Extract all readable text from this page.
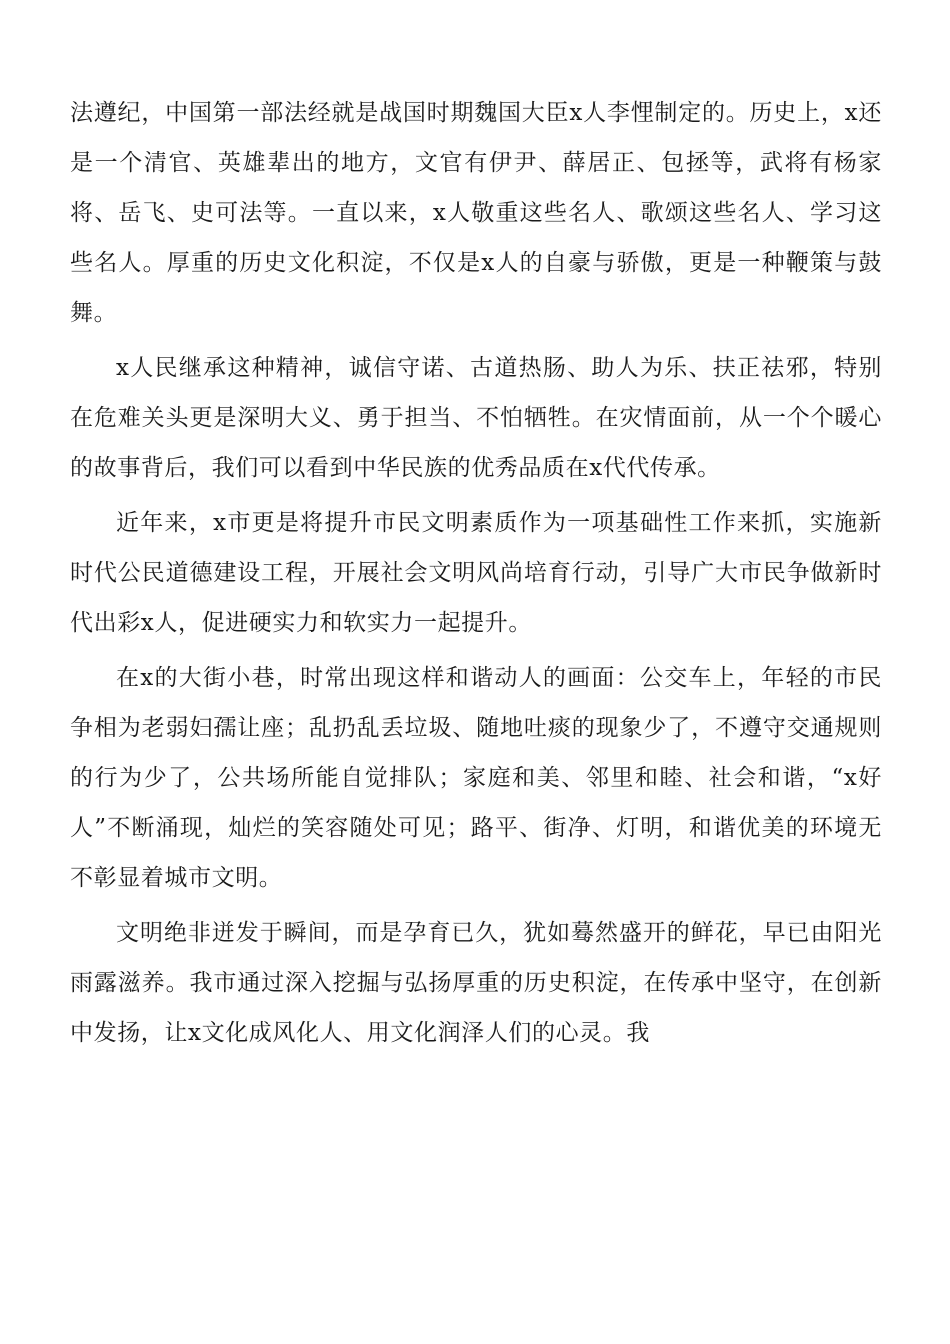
法遵纪，中国第一部法经就是战国时期魏国大臣x人李悝制定的。历史上，x还是一个清官、英雄辈出的地方，文官有伊尹、薛居正、包拯等，武将有杨家将、岳飞、史可法等。一直以来，x人敬重这些名人、歌颂这些名人、学习这些名人。厚重的历史文化积淀，不仅是x人的自豪与骄傲，更是一种鞭策与鼓舞。

x人民继承这种精神，诚信守诺、古道热肠、助人为乐、扶正祛邪，特别在危难关头更是深明大义、勇于担当、不怕牺牲。在灾情面前，从一个个暖心的故事背后，我们可以看到中华民族的优秀品质在x代代传承。

近年来，x市更是将提升市民文明素质作为一项基础性工作来抓，实施新时代公民道德建设工程，开展社会文明风尚培育行动，引导广大市民争做新时代出彩x人，促进硬实力和软实力一起提升。

在x的大街小巷，时常出现这样和谐动人的画面：公交车上，年轻的市民争相为老弱妇孺让座；乱扔乱丢垃圾、随地吐痰的现象少了，不遵守交通规则的行为少了，公共场所能自觉排队；家庭和美、邻里和睦、社会和谐，“x好人”不断涌现，灿烂的笑容随处可见；路平、街净、灯明，和谐优美的环境无不彰显着城市文明。

文明绝非迸发于瞬间，而是孕育已久，犹如蓦然盛开的鲜花，早已由阳光雨露滋养。我市通过深入挖掘与弘扬厚重的历史积淀，在传承中坚守，在创新中发扬，让x文化成风化人、用文化润泽人们的心灵。我
